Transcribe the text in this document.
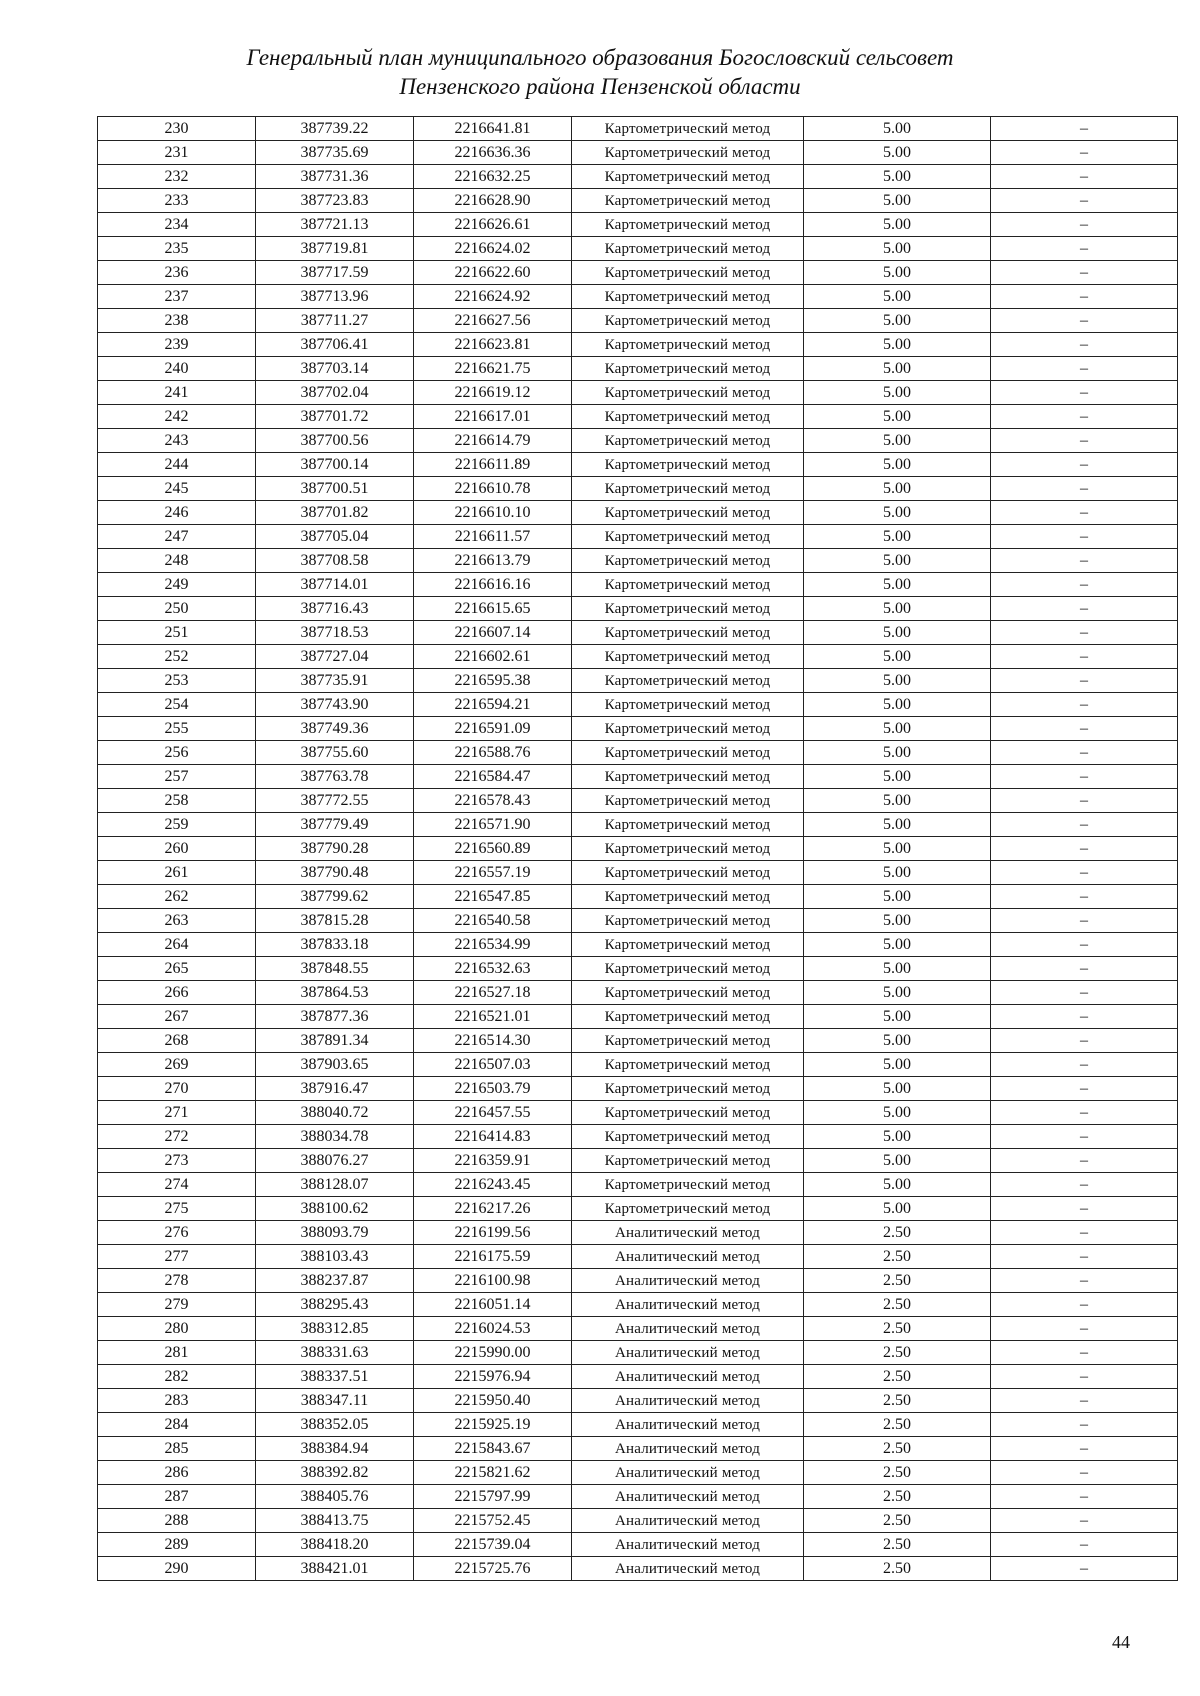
Генеральный план муниципального образования Богословский сельсовет
Пензенского района Пензенской области
230	387739.22	2216641.81	Картометрический метод	5.00	–
231	387735.69	2216636.36	Картометрический метод	5.00	–
232	387731.36	2216632.25	Картометрический метод	5.00	–
233	387723.83	2216628.90	Картометрический метод	5.00	–
234	387721.13	2216626.61	Картометрический метод	5.00	–
235	387719.81	2216624.02	Картометрический метод	5.00	–
236	387717.59	2216622.60	Картометрический метод	5.00	–
237	387713.96	2216624.92	Картометрический метод	5.00	–
238	387711.27	2216627.56	Картометрический метод	5.00	–
239	387706.41	2216623.81	Картометрический метод	5.00	–
240	387703.14	2216621.75	Картометрический метод	5.00	–
241	387702.04	2216619.12	Картометрический метод	5.00	–
242	387701.72	2216617.01	Картометрический метод	5.00	–
243	387700.56	2216614.79	Картометрический метод	5.00	–
244	387700.14	2216611.89	Картометрический метод	5.00	–
245	387700.51	2216610.78	Картометрический метод	5.00	–
246	387701.82	2216610.10	Картометрический метод	5.00	–
247	387705.04	2216611.57	Картометрический метод	5.00	–
248	387708.58	2216613.79	Картометрический метод	5.00	–
249	387714.01	2216616.16	Картометрический метод	5.00	–
250	387716.43	2216615.65	Картометрический метод	5.00	–
251	387718.53	2216607.14	Картометрический метод	5.00	–
252	387727.04	2216602.61	Картометрический метод	5.00	–
253	387735.91	2216595.38	Картометрический метод	5.00	–
254	387743.90	2216594.21	Картометрический метод	5.00	–
255	387749.36	2216591.09	Картометрический метод	5.00	–
256	387755.60	2216588.76	Картометрический метод	5.00	–
257	387763.78	2216584.47	Картометрический метод	5.00	–
258	387772.55	2216578.43	Картометрический метод	5.00	–
259	387779.49	2216571.90	Картометрический метод	5.00	–
260	387790.28	2216560.89	Картометрический метод	5.00	–
261	387790.48	2216557.19	Картометрический метод	5.00	–
262	387799.62	2216547.85	Картометрический метод	5.00	–
263	387815.28	2216540.58	Картометрический метод	5.00	–
264	387833.18	2216534.99	Картометрический метод	5.00	–
265	387848.55	2216532.63	Картометрический метод	5.00	–
266	387864.53	2216527.18	Картометрический метод	5.00	–
267	387877.36	2216521.01	Картометрический метод	5.00	–
268	387891.34	2216514.30	Картометрический метод	5.00	–
269	387903.65	2216507.03	Картометрический метод	5.00	–
270	387916.47	2216503.79	Картометрический метод	5.00	–
271	388040.72	2216457.55	Картометрический метод	5.00	–
272	388034.78	2216414.83	Картометрический метод	5.00	–
273	388076.27	2216359.91	Картометрический метод	5.00	–
274	388128.07	2216243.45	Картометрический метод	5.00	–
275	388100.62	2216217.26	Картометрический метод	5.00	–
276	388093.79	2216199.56	Аналитический метод	2.50	–
277	388103.43	2216175.59	Аналитический метод	2.50	–
278	388237.87	2216100.98	Аналитический метод	2.50	–
279	388295.43	2216051.14	Аналитический метод	2.50	–
280	388312.85	2216024.53	Аналитический метод	2.50	–
281	388331.63	2215990.00	Аналитический метод	2.50	–
282	388337.51	2215976.94	Аналитический метод	2.50	–
283	388347.11	2215950.40	Аналитический метод	2.50	–
284	388352.05	2215925.19	Аналитический метод	2.50	–
285	388384.94	2215843.67	Аналитический метод	2.50	–
286	388392.82	2215821.62	Аналитический метод	2.50	–
287	388405.76	2215797.99	Аналитический метод	2.50	–
288	388413.75	2215752.45	Аналитический метод	2.50	–
289	388418.20	2215739.04	Аналитический метод	2.50	–
290	388421.01	2215725.76	Аналитический метод	2.50	–
44
